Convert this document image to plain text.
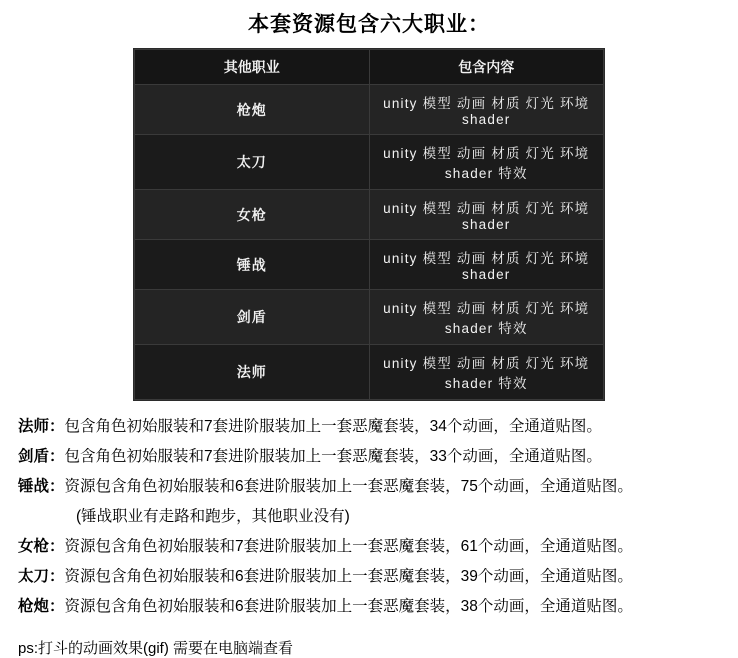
本套资源包含六大职业：
其他职业	包含内容
枪炮	unity 模型 动画 材质 灯光 环境 shader
太刀	unity 模型 动画 材质 灯光 环境 shader 特效
女枪	unity 模型 动画 材质 灯光 环境 shader
锤战	unity 模型 动画 材质 灯光 环境 shader
剑盾	unity 模型 动画 材质 灯光 环境 shader 特效
法师	unity 模型 动画 材质 灯光 环境 shader 特效
法师：包含角色初始服装和7套进阶服装加上一套恶魔套装，34个动画，全通道贴图。
剑盾：包含角色初始服装和7套进阶服装加上一套恶魔套装，33个动画，全通道贴图。
锤战：资源包含角色初始服装和6套进阶服装加上一套恶魔套装，75个动画，全通道贴图。
(锤战职业有走路和跑步，其他职业没有)
女枪：资源包含角色初始服装和7套进阶服装加上一套恶魔套装，61个动画，全通道贴图。
太刀：资源包含角色初始服装和6套进阶服装加上一套恶魔套装，39个动画，全通道贴图。
枪炮：资源包含角色初始服装和6套进阶服装加上一套恶魔套装，38个动画，全通道贴图。
ps:打斗的动画效果(gif) 需要在电脑端查看
